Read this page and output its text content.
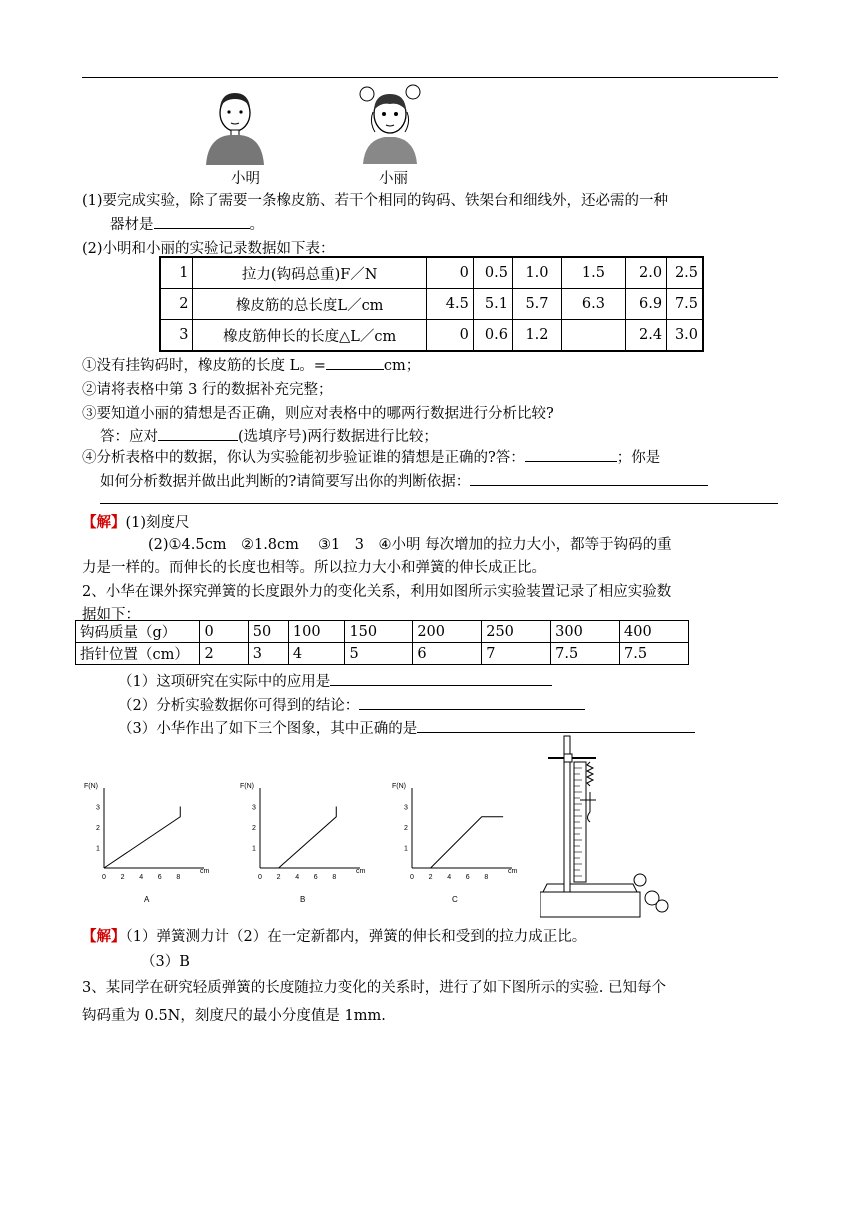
小明	小丽
(1)要完成实验，除了需要一条橡皮筋、若干个相同的钩码、铁架台和细线外，还必需的一种
器材是	。
(2)小明和小丽的实验记录数据如下表：
1	拉力(钩码总重)F／N	0	0.5	1.0	1.5	2.0	2.5
2	橡皮筋的总长度L／cm	4.5	5.1	5.7	6.3	6.9	7.5
3	橡皮筋伸长的长度△L／cm	0	0.6	1.2		2.4	3.0
①没有挂钩码时，橡皮筋的长度 L。=	cm；
②请将表格中第 3 行的数据补充完整；
③要知道小丽的猜想是否正确，则应对表格中的哪两行数据进行分析比较?
答：应对	(选填序号)两行数据进行比较；
④分析表格中的数据，你认为实验能初步验证谁的猜想是正确的?答：	；你是
如何分析数据并做出此判断的?请简要写出你的判断依据：
【解】(1)刻度尺
(2)①4.5cm　②1.8cm　 ③1　3　④小明 每次增加的拉力大小，都等于钩码的重
力是一样的。而伸长的长度也相等。所以拉力大小和弹簧的伸长成正比。
2、小华在课外探究弹簧的长度跟外力的变化关系，利用如图所示实验装置记录了相应实验数
据如下：
钩码质量（g）	0	50	100	150	200	250	300	400
指针位置（cm）	2	3	4	5	6	7	7.5	7.5
（1）这项研究在实际中的应用是
（2）分析实验数据你可得到的结论：
（3）小华作出了如下三个图象，其中正确的是
F(N)
cm
1
2
3
0 2 4 6 8
A
F(N)
cm
1
2
3
0 2 4 6 8
B
F(N)
cm
1
2
3
0 2 4 6 8
C
【解】（1）弹簧测力计（2）在一定新都内，弹簧的伸长和受到的拉力成正比。
（3）B
3、某同学在研究轻质弹簧的长度随拉力变化的关系时，进行了如下图所示的实验. 已知每个
钩码重为 0.5N，刻度尺的最小分度值是 1mm.
